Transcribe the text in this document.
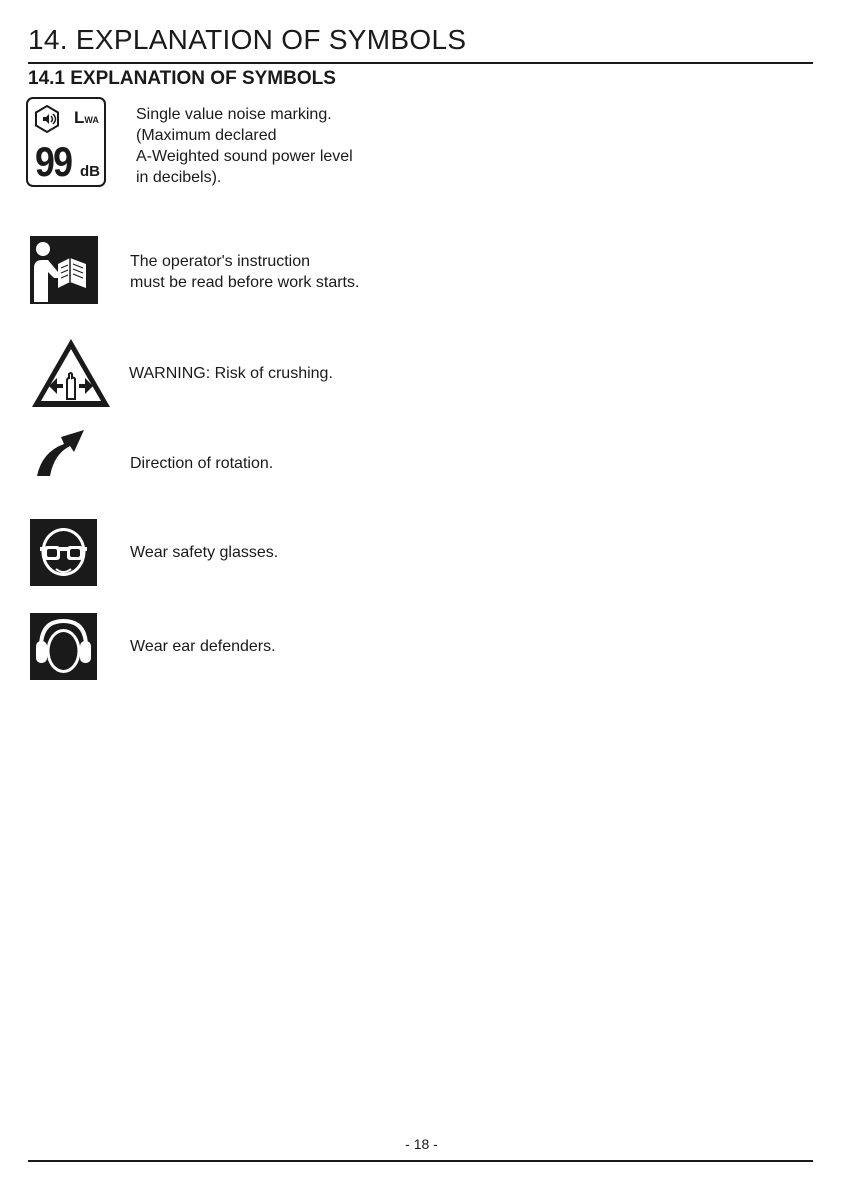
14. EXPLANATION OF SYMBOLS
14.1 EXPLANATION OF SYMBOLS
LWA
99 dB

Single value noise marking.
(Maximum declared
A-Weighted sound power level
in decibels).

The operator's instruction
must be read before work starts.

WARNING: Risk of crushing.

Direction of rotation.

Wear safety glasses.

Wear ear defenders.

- 18 -
